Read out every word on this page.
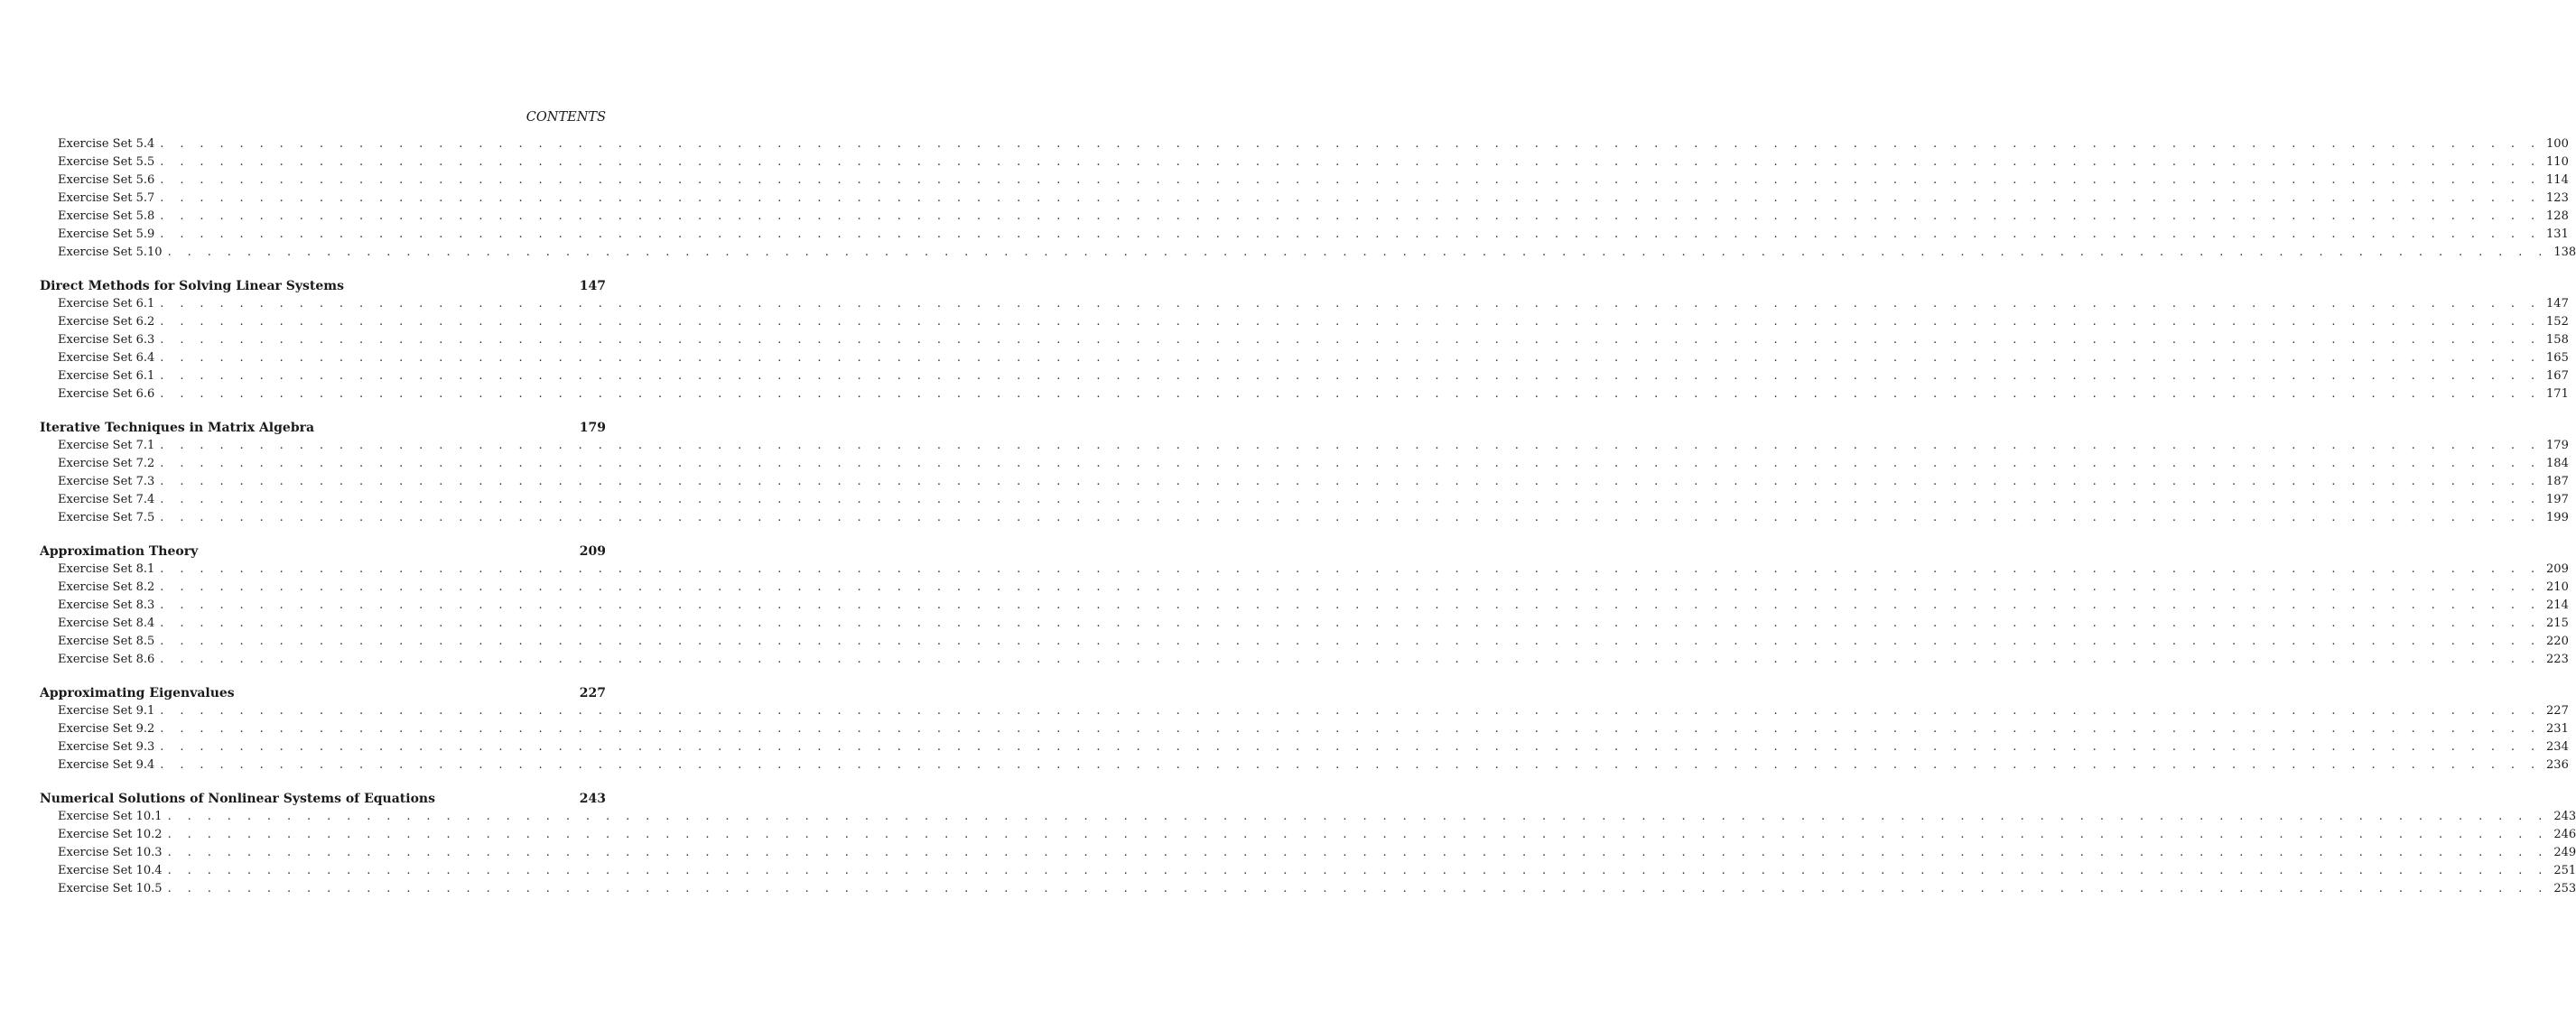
CONTENTS
Exercise Set 5.4 . . . . . . . . . . . . . . . . . . . . . . . . . . . . . . . . . . . . . . . . . . . . . . . . . . . . . . . . . . . . . . . . . . . . . . . . . . . . . . . . . . . . . . . . . . . . . . . . . . . . . . . . . . . . . . . . . . . . . . . . 100
Exercise Set 5.5 . . . . . . . . . . . . . . . . . . . . . . . . . . . . . . . . . . . . . . . . . . . . . . . . . . . . . . . . . . . . . . . . . . . . . . . . . . . . . . . . . . . . . . . . . . . . . . . . . . . . . . . . . . . . . . . . . . . . . . . . 110
Exercise Set 5.6 . . . . . . . . . . . . . . . . . . . . . . . . . . . . . . . . . . . . . . . . . . . . . . . . . . . . . . . . . . . . . . . . . . . . . . . . . . . . . . . . . . . . . . . . . . . . . . . . . . . . . . . . . . . . . . . . . . . . . . . . 114
Exercise Set 5.7 . . . . . . . . . . . . . . . . . . . . . . . . . . . . . . . . . . . . . . . . . . . . . . . . . . . . . . . . . . . . . . . . . . . . . . . . . . . . . . . . . . . . . . . . . . . . . . . . . . . . . . . . . . . . . . . . . . . . . . . . 123
Exercise Set 5.8 . . . . . . . . . . . . . . . . . . . . . . . . . . . . . . . . . . . . . . . . . . . . . . . . . . . . . . . . . . . . . . . . . . . . . . . . . . . . . . . . . . . . . . . . . . . . . . . . . . . . . . . . . . . . . . . . . . . . . . . . 128
Exercise Set 5.9 . . . . . . . . . . . . . . . . . . . . . . . . . . . . . . . . . . . . . . . . . . . . . . . . . . . . . . . . . . . . . . . . . . . . . . . . . . . . . . . . . . . . . . . . . . . . . . . . . . . . . . . . . . . . . . . . . . . . . . . . 131
Exercise Set 5.10 . . . . . . . . . . . . . . . . . . . . . . . . . . . . . . . . . . . . . . . . . . . . . . . . . . . . . . . . . . . . . . . . . . . . . . . . . . . . . . . . . . . . . . . . . . . . . . . . . . . . . . . . . . . . . . . . . . . . . . . . 138
Direct Methods for Solving Linear Systems	147
Exercise Set 6.1 . . . . . . . . . . . . . . . . . . . . . . . . . . . . . . . . . . . . . . . . . . . . . . . . . . . . . . . . . . . . . . . . . . . . . . . . . . . . . . . . . . . . . . . . . . . . . . . . . . . . . . . . . . . . . . . . . . . . . . . . 147
Exercise Set 6.2 . . . . . . . . . . . . . . . . . . . . . . . . . . . . . . . . . . . . . . . . . . . . . . . . . . . . . . . . . . . . . . . . . . . . . . . . . . . . . . . . . . . . . . . . . . . . . . . . . . . . . . . . . . . . . . . . . . . . . . . . 152
Exercise Set 6.3 . . . . . . . . . . . . . . . . . . . . . . . . . . . . . . . . . . . . . . . . . . . . . . . . . . . . . . . . . . . . . . . . . . . . . . . . . . . . . . . . . . . . . . . . . . . . . . . . . . . . . . . . . . . . . . . . . . . . . . . . 158
Exercise Set 6.4 . . . . . . . . . . . . . . . . . . . . . . . . . . . . . . . . . . . . . . . . . . . . . . . . . . . . . . . . . . . . . . . . . . . . . . . . . . . . . . . . . . . . . . . . . . . . . . . . . . . . . . . . . . . . . . . . . . . . . . . . 165
Exercise Set 6.1 . . . . . . . . . . . . . . . . . . . . . . . . . . . . . . . . . . . . . . . . . . . . . . . . . . . . . . . . . . . . . . . . . . . . . . . . . . . . . . . . . . . . . . . . . . . . . . . . . . . . . . . . . . . . . . . . . . . . . . . . 167
Exercise Set 6.6 . . . . . . . . . . . . . . . . . . . . . . . . . . . . . . . . . . . . . . . . . . . . . . . . . . . . . . . . . . . . . . . . . . . . . . . . . . . . . . . . . . . . . . . . . . . . . . . . . . . . . . . . . . . . . . . . . . . . . . . . 171
Iterative Techniques in Matrix Algebra	179
Exercise Set 7.1 . . . . . . . . . . . . . . . . . . . . . . . . . . . . . . . . . . . . . . . . . . . . . . . . . . . . . . . . . . . . . . . . . . . . . . . . . . . . . . . . . . . . . . . . . . . . . . . . . . . . . . . . . . . . . . . . . . . . . . . . 179
Exercise Set 7.2 . . . . . . . . . . . . . . . . . . . . . . . . . . . . . . . . . . . . . . . . . . . . . . . . . . . . . . . . . . . . . . . . . . . . . . . . . . . . . . . . . . . . . . . . . . . . . . . . . . . . . . . . . . . . . . . . . . . . . . . . 184
Exercise Set 7.3 . . . . . . . . . . . . . . . . . . . . . . . . . . . . . . . . . . . . . . . . . . . . . . . . . . . . . . . . . . . . . . . . . . . . . . . . . . . . . . . . . . . . . . . . . . . . . . . . . . . . . . . . . . . . . . . . . . . . . . . . 187
Exercise Set 7.4 . . . . . . . . . . . . . . . . . . . . . . . . . . . . . . . . . . . . . . . . . . . . . . . . . . . . . . . . . . . . . . . . . . . . . . . . . . . . . . . . . . . . . . . . . . . . . . . . . . . . . . . . . . . . . . . . . . . . . . . . 197
Exercise Set 7.5 . . . . . . . . . . . . . . . . . . . . . . . . . . . . . . . . . . . . . . . . . . . . . . . . . . . . . . . . . . . . . . . . . . . . . . . . . . . . . . . . . . . . . . . . . . . . . . . . . . . . . . . . . . . . . . . . . . . . . . . . 199
Approximation Theory	209
Exercise Set 8.1 . . . . . . . . . . . . . . . . . . . . . . . . . . . . . . . . . . . . . . . . . . . . . . . . . . . . . . . . . . . . . . . . . . . . . . . . . . . . . . . . . . . . . . . . . . . . . . . . . . . . . . . . . . . . . . . . . . . . . . . . 209
Exercise Set 8.2 . . . . . . . . . . . . . . . . . . . . . . . . . . . . . . . . . . . . . . . . . . . . . . . . . . . . . . . . . . . . . . . . . . . . . . . . . . . . . . . . . . . . . . . . . . . . . . . . . . . . . . . . . . . . . . . . . . . . . . . . 210
Exercise Set 8.3 . . . . . . . . . . . . . . . . . . . . . . . . . . . . . . . . . . . . . . . . . . . . . . . . . . . . . . . . . . . . . . . . . . . . . . . . . . . . . . . . . . . . . . . . . . . . . . . . . . . . . . . . . . . . . . . . . . . . . . . . 214
Exercise Set 8.4 . . . . . . . . . . . . . . . . . . . . . . . . . . . . . . . . . . . . . . . . . . . . . . . . . . . . . . . . . . . . . . . . . . . . . . . . . . . . . . . . . . . . . . . . . . . . . . . . . . . . . . . . . . . . . . . . . . . . . . . . 215
Exercise Set 8.5 . . . . . . . . . . . . . . . . . . . . . . . . . . . . . . . . . . . . . . . . . . . . . . . . . . . . . . . . . . . . . . . . . . . . . . . . . . . . . . . . . . . . . . . . . . . . . . . . . . . . . . . . . . . . . . . . . . . . . . . . 220
Exercise Set 8.6 . . . . . . . . . . . . . . . . . . . . . . . . . . . . . . . . . . . . . . . . . . . . . . . . . . . . . . . . . . . . . . . . . . . . . . . . . . . . . . . . . . . . . . . . . . . . . . . . . . . . . . . . . . . . . . . . . . . . . . . . 223
Approximating Eigenvalues	227
Exercise Set 9.1 . . . . . . . . . . . . . . . . . . . . . . . . . . . . . . . . . . . . . . . . . . . . . . . . . . . . . . . . . . . . . . . . . . . . . . . . . . . . . . . . . . . . . . . . . . . . . . . . . . . . . . . . . . . . . . . . . . . . . . . . 227
Exercise Set 9.2 . . . . . . . . . . . . . . . . . . . . . . . . . . . . . . . . . . . . . . . . . . . . . . . . . . . . . . . . . . . . . . . . . . . . . . . . . . . . . . . . . . . . . . . . . . . . . . . . . . . . . . . . . . . . . . . . . . . . . . . . 231
Exercise Set 9.3 . . . . . . . . . . . . . . . . . . . . . . . . . . . . . . . . . . . . . . . . . . . . . . . . . . . . . . . . . . . . . . . . . . . . . . . . . . . . . . . . . . . . . . . . . . . . . . . . . . . . . . . . . . . . . . . . . . . . . . . . 234
Exercise Set 9.4 . . . . . . . . . . . . . . . . . . . . . . . . . . . . . . . . . . . . . . . . . . . . . . . . . . . . . . . . . . . . . . . . . . . . . . . . . . . . . . . . . . . . . . . . . . . . . . . . . . . . . . . . . . . . . . . . . . . . . . . . 236
Numerical Solutions of Nonlinear Systems of Equations	243
Exercise Set 10.1 . . . . . . . . . . . . . . . . . . . . . . . . . . . . . . . . . . . . . . . . . . . . . . . . . . . . . . . . . . . . . . . . . . . . . . . . . . . . . . . . . . . . . . . . . . . . . . . . . . . . . . . . . . . . . . . . . . . . . . . . 243
Exercise Set 10.2 . . . . . . . . . . . . . . . . . . . . . . . . . . . . . . . . . . . . . . . . . . . . . . . . . . . . . . . . . . . . . . . . . . . . . . . . . . . . . . . . . . . . . . . . . . . . . . . . . . . . . . . . . . . . . . . . . . . . . . . . 246
Exercise Set 10.3 . . . . . . . . . . . . . . . . . . . . . . . . . . . . . . . . . . . . . . . . . . . . . . . . . . . . . . . . . . . . . . . . . . . . . . . . . . . . . . . . . . . . . . . . . . . . . . . . . . . . . . . . . . . . . . . . . . . . . . . . 249
Exercise Set 10.4 . . . . . . . . . . . . . . . . . . . . . . . . . . . . . . . . . . . . . . . . . . . . . . . . . . . . . . . . . . . . . . . . . . . . . . . . . . . . . . . . . . . . . . . . . . . . . . . . . . . . . . . . . . . . . . . . . . . . . . . . 251
Exercise Set 10.5 . . . . . . . . . . . . . . . . . . . . . . . . . . . . . . . . . . . . . . . . . . . . . . . . . . . . . . . . . . . . . . . . . . . . . . . . . . . . . . . . . . . . . . . . . . . . . . . . . . . . . . . . . . . . . . . . . . . . . . . . 253
